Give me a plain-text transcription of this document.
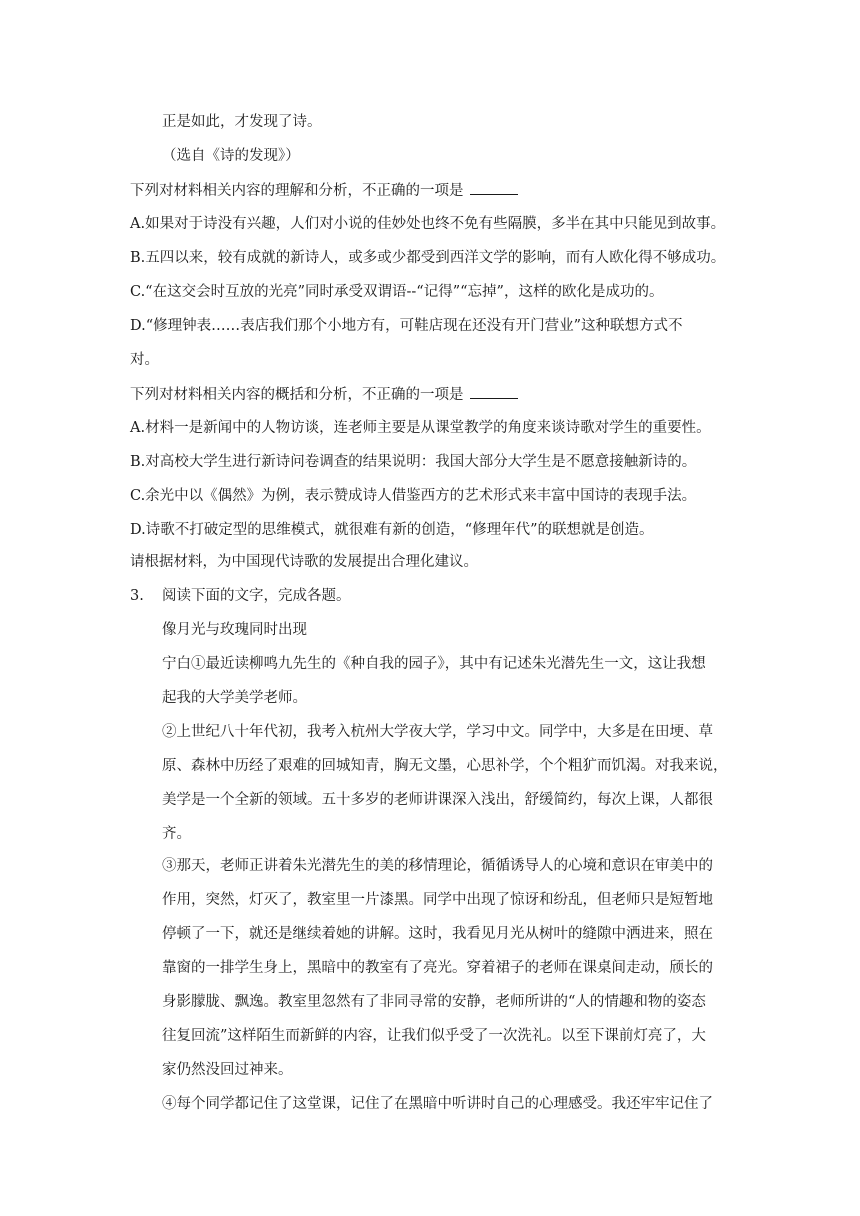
正是如此，才发现了诗。
（选自《诗的发现》）
下列对材料相关内容的理解和分析，不正确的一项是
A.如果对于诗没有兴趣，人们对小说的佳妙处也终不免有些隔膜，多半在其中只能见到故事。
B.五四以来，较有成就的新诗人，或多或少都受到西洋文学的影响，而有人欧化得不够成功。
C.“在这交会时互放的光亮”同时承受双谓语--“记得”“忘掉”，这样的欧化是成功的。
D.“修理钟表……表店我们那个小地方有，可鞋店现在还没有开门营业”这种联想方式不
对。
下列对材料相关内容的概括和分析，不正确的一项是
A.材料一是新闻中的人物访谈，连老师主要是从课堂教学的角度来谈诗歌对学生的重要性。
B.对高校大学生进行新诗问卷调查的结果说明：我国大部分大学生是不愿意接触新诗的。
C.余光中以《偶然》为例，表示赞成诗人借鉴西方的艺术形式来丰富中国诗的表现手法。
D.诗歌不打破定型的思维模式，就很难有新的创造，“修理年代”的联想就是创造。
请根据材料，为中国现代诗歌的发展提出合理化建议。
3. 阅读下面的文字，完成各题。
像月光与玫瑰同时出现
宁白①最近读柳鸣九先生的《种自我的园子》，其中有记述朱光潜先生一文，这让我想
起我的大学美学老师。
②上世纪八十年代初，我考入杭州大学夜大学，学习中文。同学中，大多是在田埂、草
原、森林中历经了艰难的回城知青，胸无文墨，心思补学，个个粗犷而饥渴。对我来说，
美学是一个全新的领域。五十多岁的老师讲课深入浅出，舒缓简约，每次上课，人都很
齐。
③那天，老师正讲着朱光潜先生的美的移情理论，循循诱导人的心境和意识在审美中的
作用，突然，灯灭了，教室里一片漆黑。同学中出现了惊讶和纷乱，但老师只是短暂地
停顿了一下，就还是继续着她的讲解。这时，我看见月光从树叶的缝隙中洒进来，照在
靠窗的一排学生身上，黑暗中的教室有了亮光。穿着裙子的老师在课桌间走动，颀长的
身影朦胧、飘逸。教室里忽然有了非同寻常的安静，老师所讲的“人的情趣和物的姿态
往复回流”这样陌生而新鲜的内容，让我们似乎受了一次洗礼。以至下课前灯亮了，大
家仍然没回过神来。
④每个同学都记住了这堂课，记住了在黑暗中听讲时自己的心理感受。我还牢牢记住了
